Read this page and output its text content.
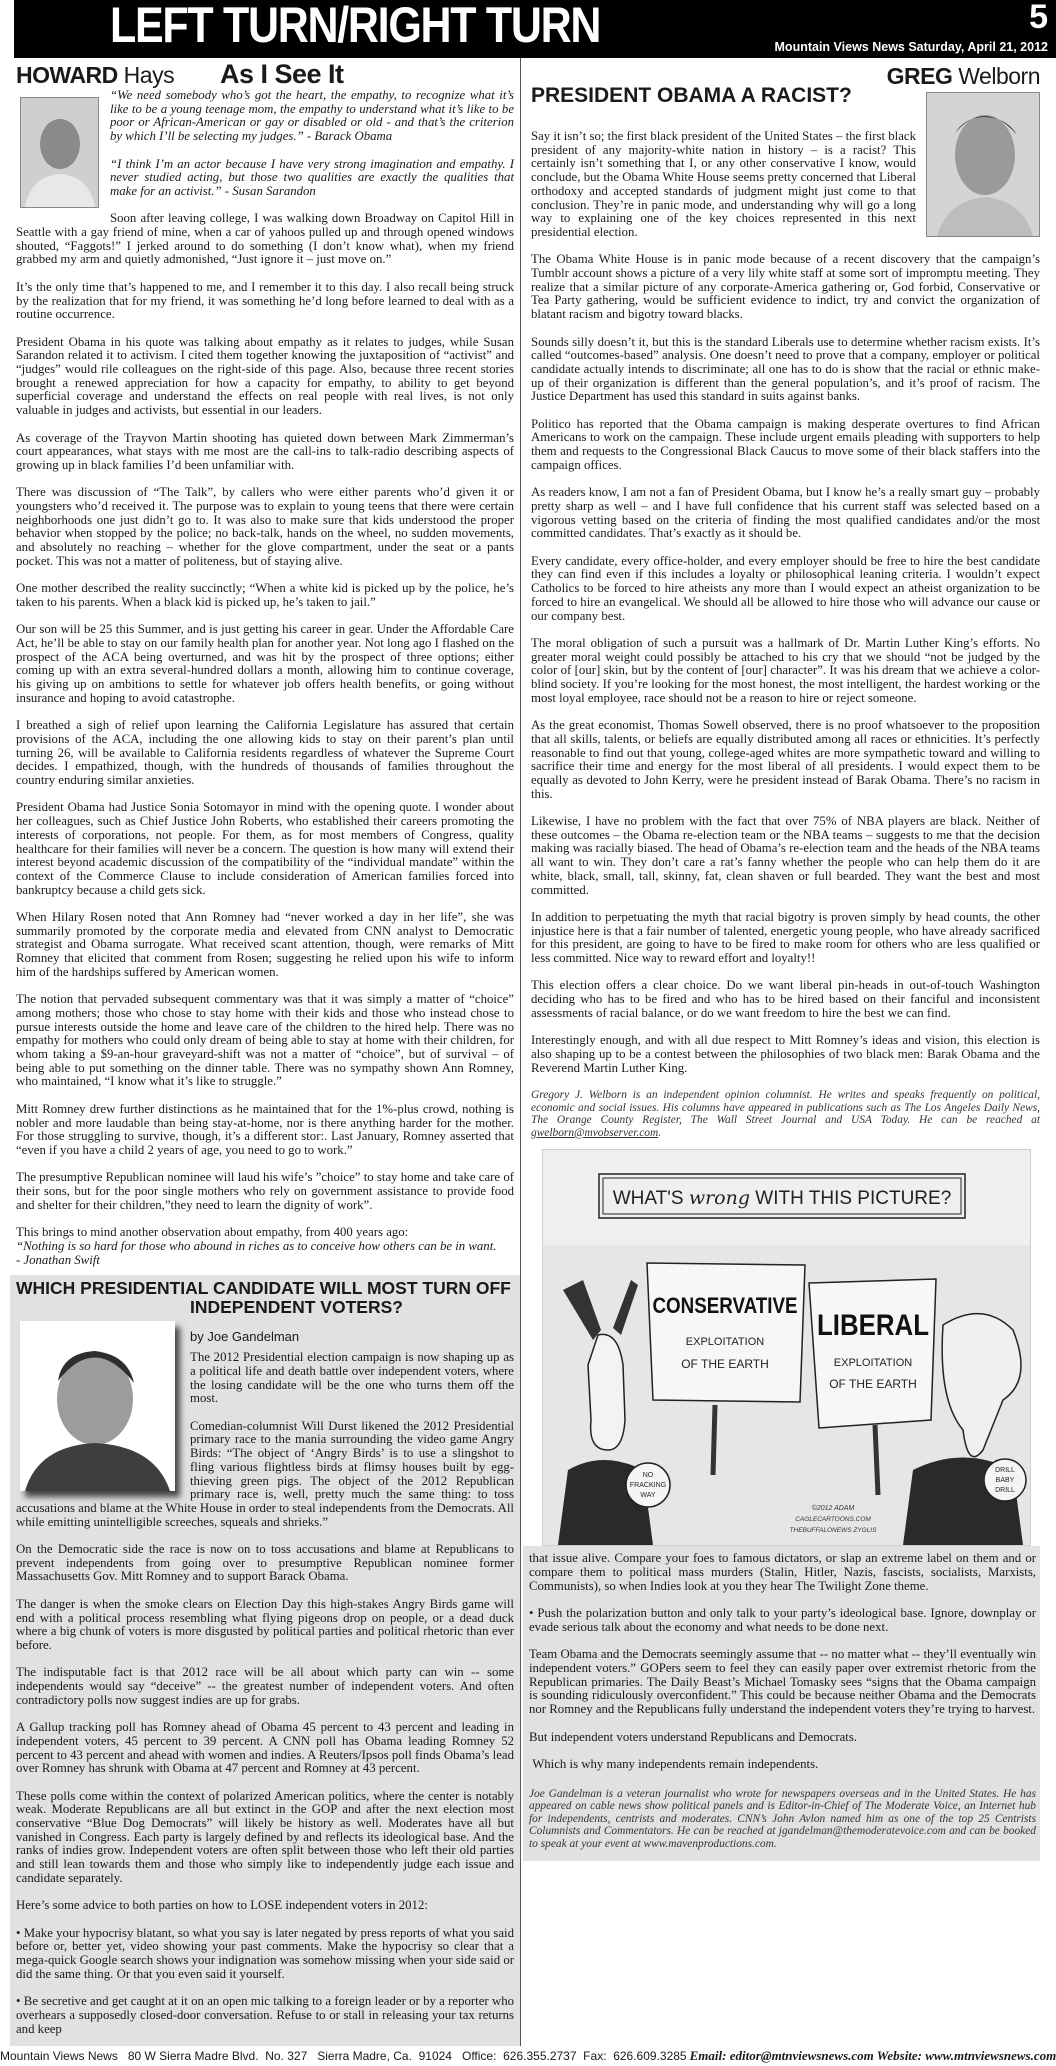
LEFT TURN/RIGHT TURN	5
Mountain Views News Saturday, April 21, 2012
HOWARD Hays As I See It

“We need somebody who’s got the heart, the empathy, to recognize what it’s like to be a young teenage mom, the empathy to understand what it’s like to be poor or African-American or gay or disabled or old - and that’s the criterion by which I’ll be selecting my judges.” - Barack Obama

“I think I’m an actor because I have very strong imagination and empathy. I never studied acting, but those two qualities are exactly the qualities that make for an activist.” - Susan Sarandon

Soon after leaving college, I was walking down Broadway on Capitol Hill in Seattle with a gay friend of mine, when a car of yahoos pulled up and through opened windows shouted, “Faggots!” I jerked around to do something (I don’t know what), when my friend grabbed my arm and quietly admonished, “Just ignore it – just move on.”

It’s the only time that’s happened to me, and I remember it to this day. I also recall being struck by the realization that for my friend, it was something he’d long before learned to deal with as a routine occurrence.

President Obama in his quote was talking about empathy as it relates to judges, while Susan Sarandon related it to activism. I cited them together knowing the juxtaposition of “activist” and “judges” would rile colleagues on the right-side of this page. Also, because three recent stories brought a renewed appreciation for how a capacity for empathy, to ability to get beyond superficial coverage and understand the effects on real people with real lives, is not only valuable in judges and activists, but essential in our leaders.

As coverage of the Trayvon Martin shooting has quieted down between Mark Zimmerman’s court appearances, what stays with me most are the call-ins to talk-radio describing aspects of growing up in black families I’d been unfamiliar with.

There was discussion of “The Talk”, by callers who were either parents who’d given it or youngsters who’d received it. The purpose was to explain to young teens that there were certain neighborhoods one just didn’t go to. It was also to make sure that kids understood the proper behavior when stopped by the police; no back-talk, hands on the wheel, no sudden movements, and absolutely no reaching – whether for the glove compartment, under the seat or a pants pocket. This was not a matter of politeness, but of staying alive.

One mother described the reality succinctly; “When a white kid is picked up by the police, he’s taken to his parents. When a black kid is picked up, he’s taken to jail.”

Our son will be 25 this Summer, and is just getting his career in gear. Under the Affordable Care Act, he’ll be able to stay on our family health plan for another year. Not long ago I flashed on the prospect of the ACA being overturned, and was hit by the prospect of three options; either coming up with an extra several-hundred dollars a month, allowing him to continue coverage, his giving up on ambitions to settle for whatever job offers health benefits, or going without insurance and hoping to avoid catastrophe.

I breathed a sigh of relief upon learning the California Legislature has assured that certain provisions of the ACA, including the one allowing kids to stay on their parent’s plan until turning 26, will be available to California residents regardless of whatever the Supreme Court decides. I empathized, though, with the hundreds of thousands of families throughout the country enduring similar anxieties.

President Obama had Justice Sonia Sotomayor in mind with the opening quote. I wonder about her colleagues, such as Chief Justice John Roberts, who established their careers promoting the interests of corporations, not people. For them, as for most members of Congress, quality healthcare for their families will never be a concern. The question is how many will extend their interest beyond academic discussion of the compatibility of the “individual mandate” within the context of the Commerce Clause to include consideration of American families forced into bankruptcy because a child gets sick.

When Hilary Rosen noted that Ann Romney had “never worked a day in her life”, she was summarily promoted by the corporate media and elevated from CNN analyst to Democratic strategist and Obama surrogate. What received scant attention, though, were remarks of Mitt Romney that elicited that comment from Rosen; suggesting he relied upon his wife to inform him of the hardships suffered by American women.

The notion that pervaded subsequent commentary was that it was simply a matter of “choice” among mothers; those who chose to stay home with their kids and those who instead chose to pursue interests outside the home and leave care of the children to the hired help. There was no empathy for mothers who could only dream of being able to stay at home with their children, for whom taking a $9-an-hour graveyard-shift was not a matter of “choice”, but of survival – of being able to put something on the dinner table. There was no sympathy shown Ann Romney, who maintained, “I know what it’s like to struggle.”

Mitt Romney drew further distinctions as he maintained that for the 1%-plus crowd, nothing is nobler and more laudable than being stay-at-home, nor is there anything harder for the mother. For those struggling to survive, though, it’s a different stor:. Last January, Romney asserted that “even if you have a child 2 years of age, you need to go to work.”

The presumptive Republican nominee will laud his wife’s ”choice” to stay home and take care of their sons, but for the poor single mothers who rely on government assistance to provide food and shelter for their children,”they need to learn the dignity of work”.

This brings to mind another observation about empathy, from 400 years ago:
“Nothing is so hard for those who abound in riches as to conceive how others can be in want.
- Jonathan Swift
WHICH PRESIDENTIAL CANDIDATE WILL MOST TURN OFF
INDEPENDENT VOTERS?
by Joe Gandelman

The 2012 Presidential election campaign is now shaping up as a political life and death battle over independent voters, where the losing candidate will be the one who turns them off the most.

Comedian-columnist Will Durst likened the 2012 Presidential primary race to the mania surrounding the video game Angry Birds: “The object of ‘Angry Birds’ is to use a slingshot to fling various flightless birds at flimsy houses built by egg-thieving green pigs. The object of the 2012 Republican primary race is, well, pretty much the same thing: to toss accusations and blame at the White House in order to steal independents from the Democrats. All while emitting unintelligible screeches, squeals and shrieks.”

On the Democratic side the race is now on to toss accusations and blame at Republicans to prevent independents from going over to presumptive Republican nominee former Massachusetts Gov. Mitt Romney and to support Barack Obama.

The danger is when the smoke clears on Election Day this high-stakes Angry Birds game will end with a political process resembling what flying pigeons drop on people, or a dead duck where a big chunk of voters is more disgusted by political parties and political rhetoric than ever before.

The indisputable fact is that 2012 race will be all about which party can win -- some independents would say “deceive” -- the greatest number of independent voters. And often contradictory polls now suggest indies are up for grabs.

A Gallup tracking poll has Romney ahead of Obama 45 percent to 43 percent and leading in independent voters, 45 percent to 39 percent. A CNN poll has Obama leading Romney 52 percent to 43 percent and ahead with women and indies. A Reuters/Ipsos poll finds Obama’s lead over Romney has shrunk with Obama at 47 percent and Romney at 43 percent.

These polls come within the context of polarized American politics, where the center is notably weak. Moderate Republicans are all but extinct in the GOP and after the next election most conservative “Blue Dog Democrats” will likely be history as well. Moderates have all but vanished in Congress. Each party is largely defined by and reflects its ideological base. And the ranks of indies grow. Independent voters are often split between those who left their old parties and still lean towards them and those who simply like to independently judge each issue and candidate separately.

Here’s some advice to both parties on how to LOSE independent voters in 2012:

• Make your hypocrisy blatant, so what you say is later negated by press reports of what you said before or, better yet, video showing your past comments. Make the hypocrisy so clear that a mega-quick Google search shows your indignation was somehow missing when your side said or did the same thing. Or that you even said it yourself.

• Be secretive and get caught at it on an open mic talking to a foreign leader or by a reporter who overhears a supposedly closed-door conversation. Refuse to or stall in releasing your tax returns and keep

GREG Welborn
PRESIDENT OBAMA A RACIST?

Say it isn’t so; the first black president of the United States – the first black president of any majority-white nation in history – is a racist? This certainly isn’t something that I, or any other conservative I know, would conclude, but the Obama White House seems pretty concerned that Liberal orthodoxy and accepted standards of judgment might just come to that conclusion. They’re in panic mode, and understanding why will go a long way to explaining one of the key choices represented in this next presidential election.

The Obama White House is in panic mode because of a recent discovery that the campaign’s Tumblr account shows a picture of a very lily white staff at some sort of impromptu meeting. They realize that a similar picture of any corporate-America gathering or, God forbid, Conservative or Tea Party gathering, would be sufficient evidence to indict, try and convict the organization of blatant racism and bigotry toward blacks.

Sounds silly doesn’t it, but this is the standard Liberals use to determine whether racism exists. It’s called “outcomes-based” analysis. One doesn’t need to prove that a company, employer or political candidate actually intends to discriminate; all one has to do is show that the racial or ethnic make-up of their organization is different than the general population’s, and it’s proof of racism. The Justice Department has used this standard in suits against banks.

Politico has reported that the Obama campaign is making desperate overtures to find African Americans to work on the campaign. These include urgent emails pleading with supporters to help them and requests to the Congressional Black Caucus to move some of their black staffers into the campaign offices.

As readers know, I am not a fan of President Obama, but I know he’s a really smart guy – probably pretty sharp as well – and I have full confidence that his current staff was selected based on a vigorous vetting based on the criteria of finding the most qualified candidates and/or the most committed candidates. That’s exactly as it should be.

Every candidate, every office-holder, and every employer should be free to hire the best candidate they can find even if this includes a loyalty or philosophical leaning criteria. I wouldn’t expect Catholics to be forced to hire atheists any more than I would expect an atheist organization to be forced to hire an evangelical. We should all be allowed to hire those who will advance our cause or our company best.

The moral obligation of such a pursuit was a hallmark of Dr. Martin Luther King’s efforts. No greater moral weight could possibly be attached to his cry that we should “not be judged by the color of [our] skin, but by the content of [our] character”. It was his dream that we achieve a color-blind society. If you’re looking for the most honest, the most intelligent, the hardest working or the most loyal employee, race should not be a reason to hire or reject someone.

As the great economist, Thomas Sowell observed, there is no proof whatsoever to the proposition that all skills, talents, or beliefs are equally distributed among all races or ethnicities. It’s perfectly reasonable to find out that young, college-aged whites are more sympathetic toward and willing to sacrifice their time and energy for the most liberal of all presidents. I would expect them to be equally as devoted to John Kerry, were he president instead of Barak Obama. There’s no racism in this.

Likewise, I have no problem with the fact that over 75% of NBA players are black. Neither of these outcomes – the Obama re-election team or the NBA teams – suggests to me that the decision making was racially biased. The head of Obama’s re-election team and the heads of the NBA teams all want to win. They don’t care a rat’s fanny whether the people who can help them do it are white, black, small, tall, skinny, fat, clean shaven or full bearded. They want the best and most committed.

In addition to perpetuating the myth that racial bigotry is proven simply by head counts, the other injustice here is that a fair number of talented, energetic young people, who have already sacrificed for this president, are going to have to be fired to make room for others who are less qualified or less committed. Nice way to reward effort and loyalty!!

This election offers a clear choice. Do we want liberal pin-heads in out-of-touch Washington deciding who has to be fired and who has to be hired based on their fanciful and inconsistent assessments of racial balance, or do we want freedom to hire the best we can find.

Interestingly enough, and with all due respect to Mitt Romney’s ideas and vision, this election is also shaping up to be a contest between the philosophies of two black men: Barak Obama and the Reverend Martin Luther King.

Gregory J. Welborn is an independent opinion columnist. He writes and speaks frequently on political, economic and social issues. His columns have appeared in publications such as The Los Angeles Daily News, The Orange County Register, The Wall Street Journal and USA Today. He can be reached at gwelborn@mvobserver.com.
WHAT'S wrong WITH THIS PICTURE?
NO
FRACKING
WAY
CONSERVATIVE
EXPLOITATION
OF THE EARTH
LIBERAL
EXPLOITATION
OF THE EARTH
DRILL
BABY
DRILL
©2012 ADAM
CAGLECARTOONS.COM
THEBUFFALONEWS ZYGLIS

that issue alive. Compare your foes to famous dictators, or slap an extreme label on them and or compare them to political mass murders (Stalin, Hitler, Nazis, fascists, socialists, Marxists, Communists), so when Indies look at you they hear The Twilight Zone theme.

• Push the polarization button and only talk to your party’s ideological base. Ignore, downplay or evade serious talk about the economy and what needs to be done next.

Team Obama and the Democrats seemingly assume that -- no matter what -- they’ll eventually win independent voters.” GOPers seem to feel they can easily paper over extremist rhetoric from the Republican primaries. The Daily Beast’s Michael Tomasky sees “signs that the Obama campaign is sounding ridiculously overconfident.” This could be because neither Obama and the Democrats nor Romney and the Republicans fully understand the independent voters they’re trying to harvest.

But independent voters understand Republicans and Democrats.

Which is why many independents remain independents.

Joe Gandelman is a veteran journalist who wrote for newspapers overseas and in the United States. He has appeared on cable news show political panels and is Editor-in-Chief of The Moderate Voice, an Internet hub for independents, centrists and moderates. CNN’s John Avlon named him as one of the top 25 Centrists Columnists and Commentators. He can be reached at jgandelman@themoderatevoice.com and can be booked to speak at your event at www.mavenproductions.com.
Mountain Views News   80 W Sierra Madre Blvd.  No. 327   Sierra Madre, Ca.  91024   Office:  626.355.2737  Fax:  626.609.3285 Email: editor@mtnviewsnews.com Website: www.mtnviewsnews.com
